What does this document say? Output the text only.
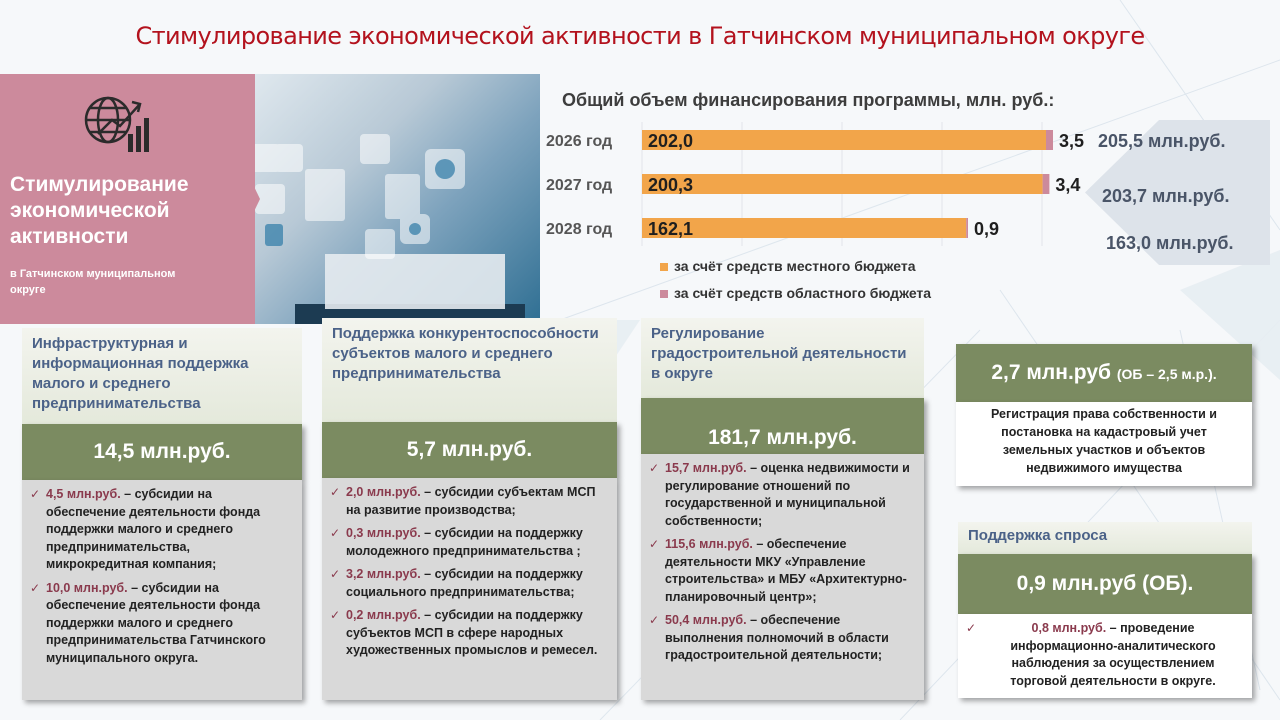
Стимулирование экономической активности в Гатчинском муниципальном округе
Стимулирование экономической активности
в Гатчинском муниципальном округе
Общий объем финансирования программы, млн. руб.:
2026 год 202,0	3,5
2027 год 200,3	3,4
2028 год 162,1	0,9
за счёт средств местного бюджета
за счёт средств областного бюджета
205,5 млн.руб.
203,7 млн.руб.
163,0 млн.руб.
Инфраструктурная и информационная поддержка малого и среднего предпринимательства
14,5 млн.руб.
✓ 4,5 млн.руб. – субсидии на обеспечение деятельности фонда поддержки малого и среднего предпринимательства, микрокредитная компания;
✓ 10,0 млн.руб. – субсидии на обеспечение деятельности фонда поддержки малого и среднего предпринимательства Гатчинского муниципального округа.
Поддержка конкурентоспособности субъектов малого и среднего предпринимательства
5,7 млн.руб.
✓ 2,0 млн.руб. – субсидии субъектам МСП на развитие производства;
✓ 0,3 млн.руб. – субсидии на поддержку молодежного предпринимательства ;
✓ 3,2 млн.руб. – субсидии на поддержку социального предпринимательства;
✓ 0,2 млн.руб. – субсидии на поддержку субъектов МСП в сфере народных художественных промыслов и ремесел.
Регулирование градостроительной деятельности в округе
181,7 млн.руб.
✓ 15,7 млн.руб. – оценка недвижимости и регулирование отношений по государственной и муниципальной собственности;
✓ 115,6 млн.руб. – обеспечение деятельности МКУ «Управление строительства» и МБУ «Архитектурно-планировочный центр»;
✓ 50,4 млн.руб. – обеспечение выполнения полномочий в области градостроительной деятельности;
2,7 млн.руб (ОБ – 2,5 м.р.).
Регистрация права собственности и постановка на кадастровый учет земельных участков и объектов недвижимого имущества
Поддержка спроса
0,9 млн.руб (ОБ).
✓	0,8 млн.руб. – проведение информационно-аналитического наблюдения за осуществлением торговой деятельности в округе.
